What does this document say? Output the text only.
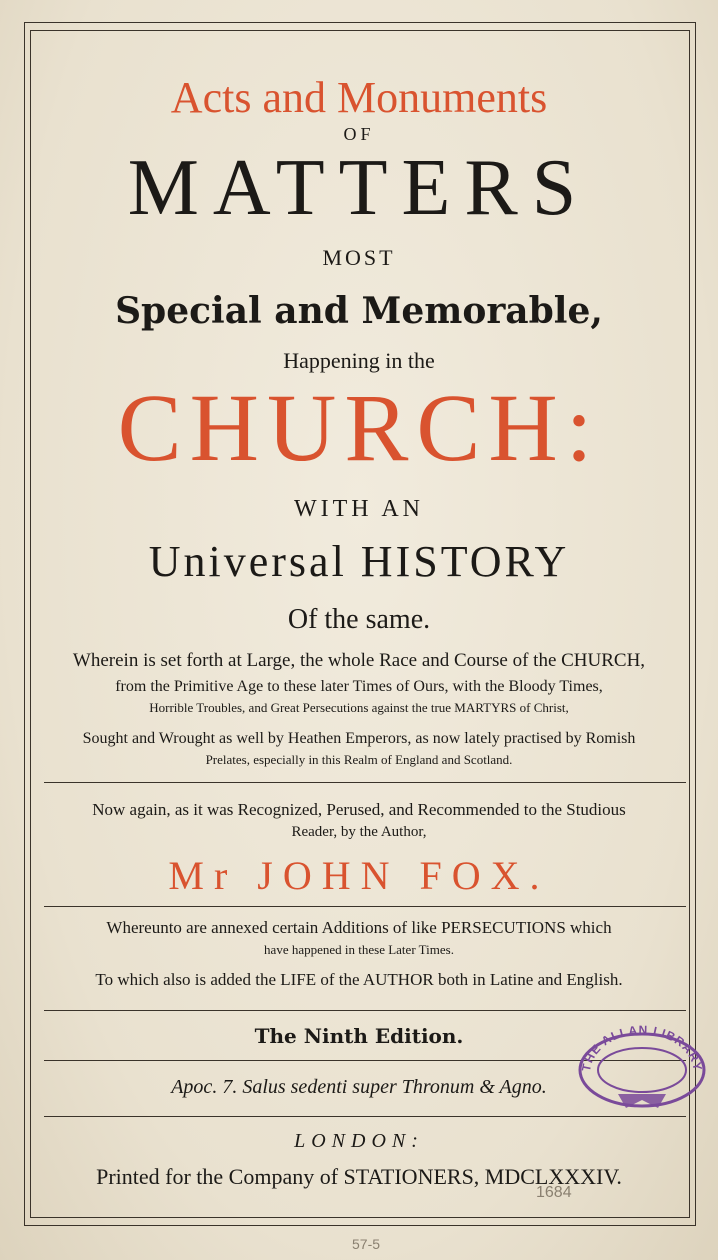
Acts and Monuments
OF
MATTERS
MOST
Special and Memorable,
Happening in the
CHURCH:
WITH AN
Universal HISTORY
Of the same.
Wherein is set forth at Large, the whole Race and Course of the CHURCH,
from the Primitive Age to these later Times of Ours, with the Bloody Times,
Horrible Troubles, and Great Persecutions against the true MARTYRS of Christ,
Sought and Wrought as well by Heathen Emperors, as now lately practised by Romish
Prelates, especially in this Realm of England and Scotland.
Now again, as it was Recognized, Perused, and Recommended to the Studious
Reader, by the Author,
Mr JOHN FOX.
Whereunto are annexed certain Additions of like PERSECUTIONS which
have happened in these Later Times.
To which also is added the LIFE of the AUTHOR both in Latine and English.
The Ninth Edition.
Apoc. 7. Salus sedenti super Thronum & Agno.
LONDON:
Printed for the Company of STATIONERS, MDCLXXXIV.
1684
57-5
THE ALLAN LIBRARY
